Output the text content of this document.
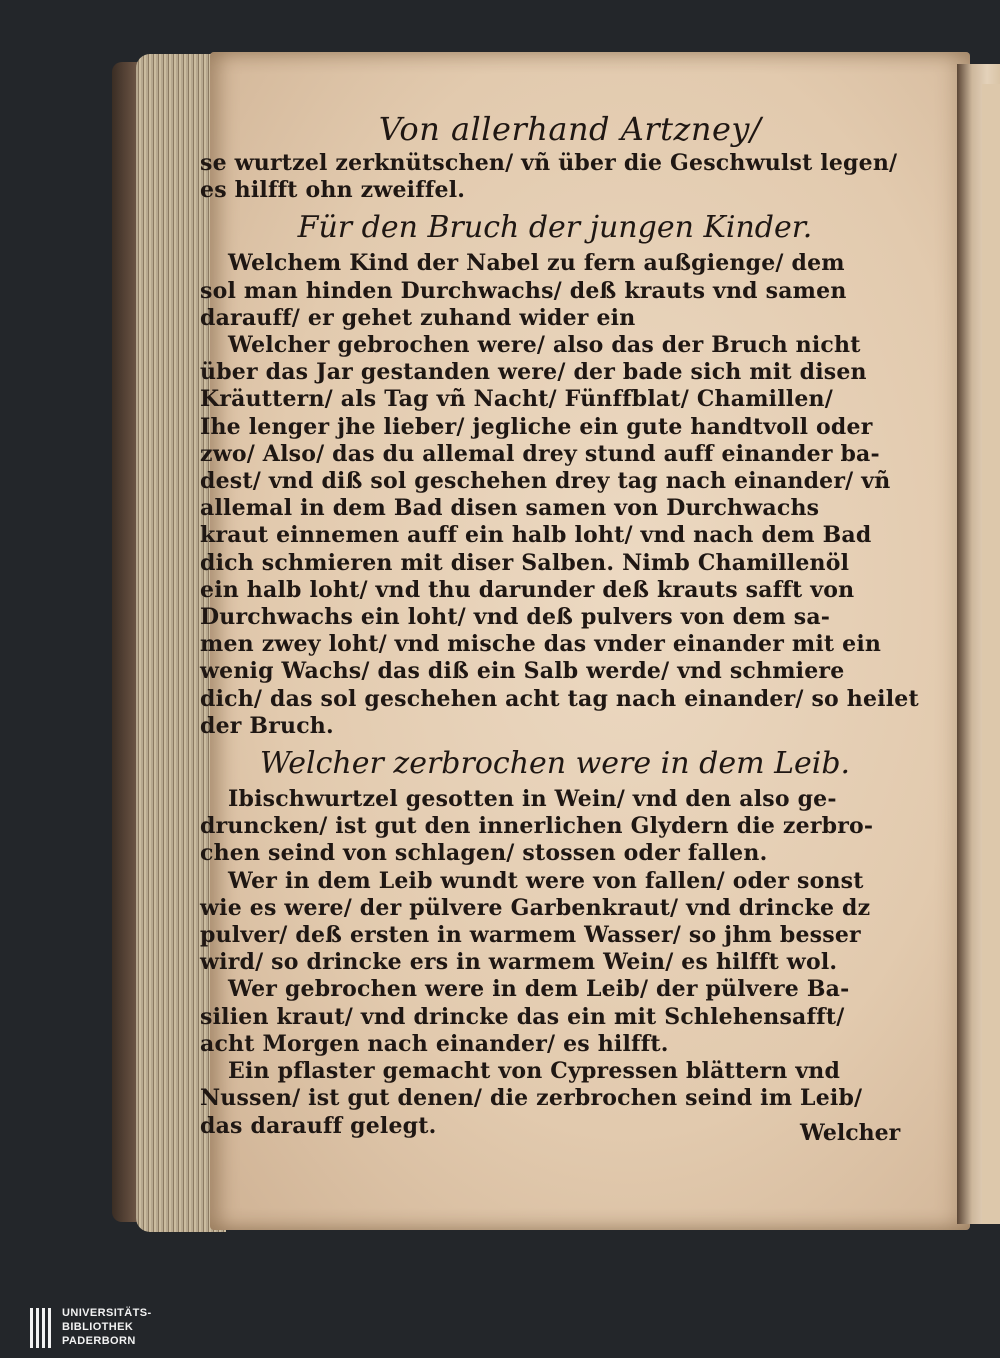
Von allerhand Artzney/
se wurtzel zerknütschen/ vñ über die Geschwulst legen/
es hilfft ohn zweiffel.
Für den Bruch der jungen Kinder.
Welchem Kind der Nabel zu fern außgienge/ dem
sol man hinden Durchwachs/ deß krauts vnd samen
darauff/ er gehet zuhand wider ein
Welcher gebrochen were/ also das der Bruch nicht
über das Jar gestanden were/ der bade sich mit disen
Kräuttern/ als Tag vñ Nacht/ Fünffblat/ Chamillen/
Ihe lenger jhe lieber/ jegliche ein gute handtvoll oder
zwo/ Also/ das du allemal drey stund auff einander ba-
dest/ vnd diß sol geschehen drey tag nach einander/ vñ
allemal in dem Bad disen samen von Durchwachs
kraut einnemen auff ein halb loht/ vnd nach dem Bad
dich schmieren mit diser Salben. Nimb Chamillenöl
ein halb loht/ vnd thu darunder deß krauts safft von
Durchwachs ein loht/ vnd deß pulvers von dem sa-
men zwey loht/ vnd mische das vnder einander mit ein
wenig Wachs/ das diß ein Salb werde/ vnd schmiere
dich/ das sol geschehen acht tag nach einander/ so heilet
der Bruch.
Welcher zerbrochen were in dem Leib.
Ibischwurtzel gesotten in Wein/ vnd den also ge-
druncken/ ist gut den innerlichen Glydern die zerbro-
chen seind von schlagen/ stossen oder fallen.
Wer in dem Leib wundt were von fallen/ oder sonst
wie es were/ der pülvere Garbenkraut/ vnd drincke dz
pulver/ deß ersten in warmem Wasser/ so jhm besser
wird/ so drincke ers in warmem Wein/ es hilfft wol.
Wer gebrochen were in dem Leib/ der pülvere Ba-
silien kraut/ vnd drincke das ein mit Schlehensafft/
acht Morgen nach einander/ es hilfft.
Ein pflaster gemacht von Cypressen blättern vnd
Nussen/ ist gut denen/ die zerbrochen seind im Leib/
das darauff gelegt.	Welcher
UNIVERSITÄTS-
BIBLIOTHEK
PADERBORN
